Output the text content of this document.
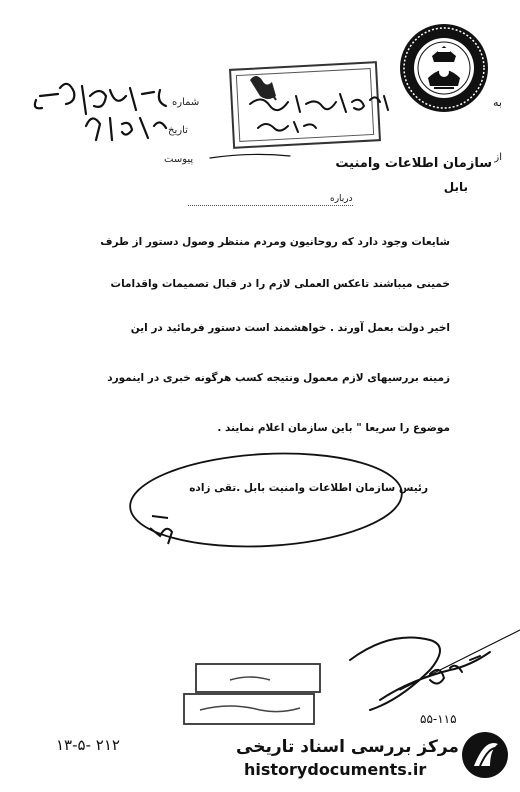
شماره
تاریخ
پیوست
به
از
سازمان اطلاعات وامنیت
بابل
درباره
شایعات وجود دارد که روحانیون ومردم منتظر وصول دستور از طرف
خمینی میباشند تاعکس العملی لازم را در قبال تصمیمات واقدامات
اخیر دولت بعمل آورند . خواهشمند است دستور فرمائید در این
زمینه بررسیهای لازم معمول ونتیجه کسب هرگونه خبری در اینمورد
موضوع را سریعا " باین سازمان اعلام نمایند .
رئیس سازمان اطلاعات وامنیت بابل .تقی زاده
۵۵-۱۱۵
۲۱۲ -۱۳-۵	مرکز بررسی اسناد تاریخی
historydocuments.ir
